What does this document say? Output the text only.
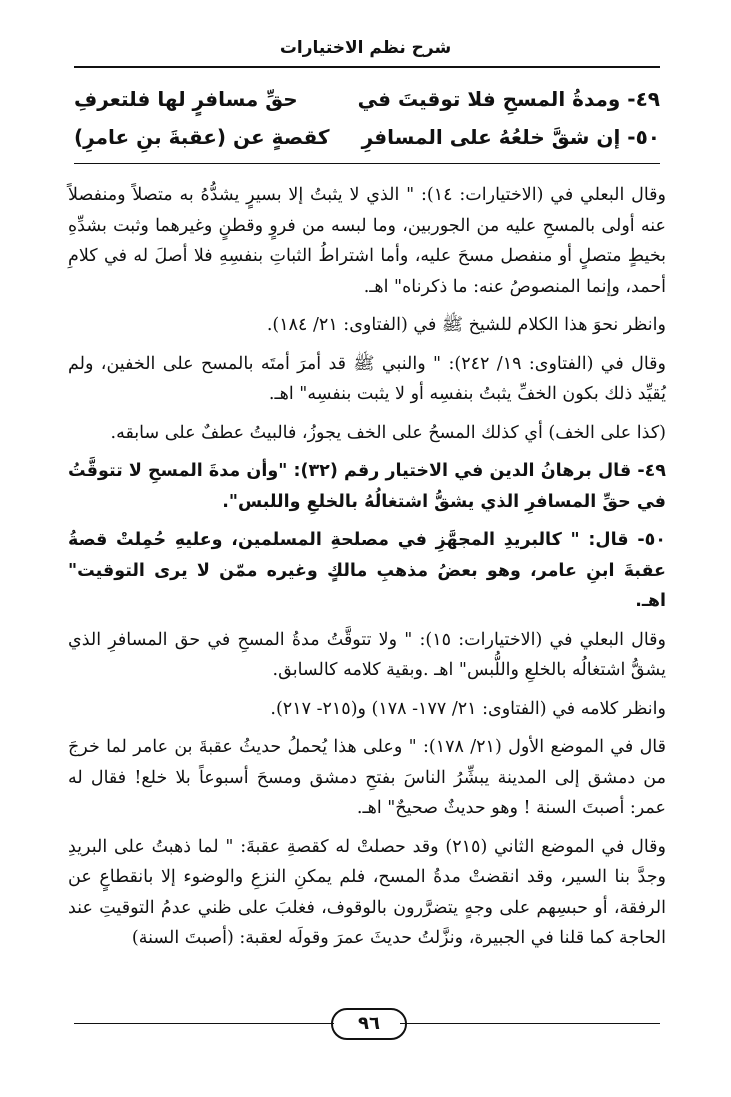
شرح نظم الاختيارات
٤٩- ومدةُ المسحِ فلا توقيتَ في
حقِّ مسافرٍ لها فلتعرفِ
٥٠- إن شقَّ خلعُهُ على المسافرِ
كقصةٍ عن (عقبةَ بنِ عامرِ)

وقال البعلي في (الاختيارات: ١٤): " الذي لا يثبتُ إلا بسيرٍ يشدُّهُ به متصلاً ومنفصلاً عنه أولى بالمسحِ عليه من الجوربين، وما لبسه من فروٍ وقطنٍ وغيرهما وثبت بشدِّهِ بخيطٍ متصلٍ أو منفصل مسحَ عليه، وأما اشتراطُ الثباتِ بنفسِهِ فلا أصلَ له في كلامِ أحمد، وإنما المنصوصُ عنه: ما ذكرناه" اهـ.

وانظر نحوَ هذا الكلام للشيخ ﷺ في (الفتاوى: ٢١/ ١٨٤).

وقال في (الفتاوى: ١٩/ ٢٤٢): " والنبي ﷺ قد أمرَ أمتَه بالمسح على الخفين، ولم يُقيِّد ذلك بكون الخفِّ يثبتُ بنفسِه أو لا يثبت بنفسِه" اهـ.

(كذا على الخف) أي كذلك المسحُ على الخف يجوزُ، فالبيتُ عطفٌ على سابقه.

٤٩- قال برهانُ الدين في الاختيار رقم (٣٢): "وأن مدةَ المسحِ لا تتوقَّتُ في حقِّ المسافرِ الذي يشقُّ اشتغالُهُ بالخلعِ واللبس".

٥٠- قال: " كالبريدِ المجهَّزِ في مصلحةِ المسلمين، وعليهِ حُمِلتْ قصةُ عقبةَ ابنِ عامر، وهو بعضُ مذهبِ مالكٍ وغيره ممّن لا يرى التوقيت" اهـ.

وقال البعلي في (الاختيارات: ١٥): " ولا تتوقَّتُ مدةُ المسحِ في حق المسافرِ الذي يشقُّ اشتغالُه بالخلعِ واللُّبس" اهـ .وبقية كلامه كالسابق.

وانظر كلامه في (الفتاوى: ٢١/ ١٧٧- ١٧٨) و(٢١٥- ٢١٧).

قال في الموضع الأول (٢١/ ١٧٨): " وعلى هذا يُحملُ حديثُ عقبةَ بن عامر لما خرجَ من دمشق إلى المدينة يبشِّرُ الناسَ بفتحِ دمشق ومسحَ أسبوعاً بلا خلع! فقال له عمر: أصبتَ السنة ! وهو حديثٌ صحيحٌ" اهـ.

وقال في الموضع الثاني (٢١٥) وقد حصلتْ له كقصةِ عقبةَ: " لما ذهبتُ على البريدِ وجدَّ بنا السير، وقد انقضتْ مدةُ المسح، فلم يمكنِ النزعِ والوضوء إلا بانقطاعٍ عن الرفقة، أو حبسِهم على وجهٍ يتضرَّرون بالوقوف، فغلبَ على ظني عدمُ التوقيتِ عند الحاجة كما قلنا في الجبيرة، ونزَّلتُ حديثَ عمرَ وقولَه لعقبة: (أصبتَ السنة)

٩٦
